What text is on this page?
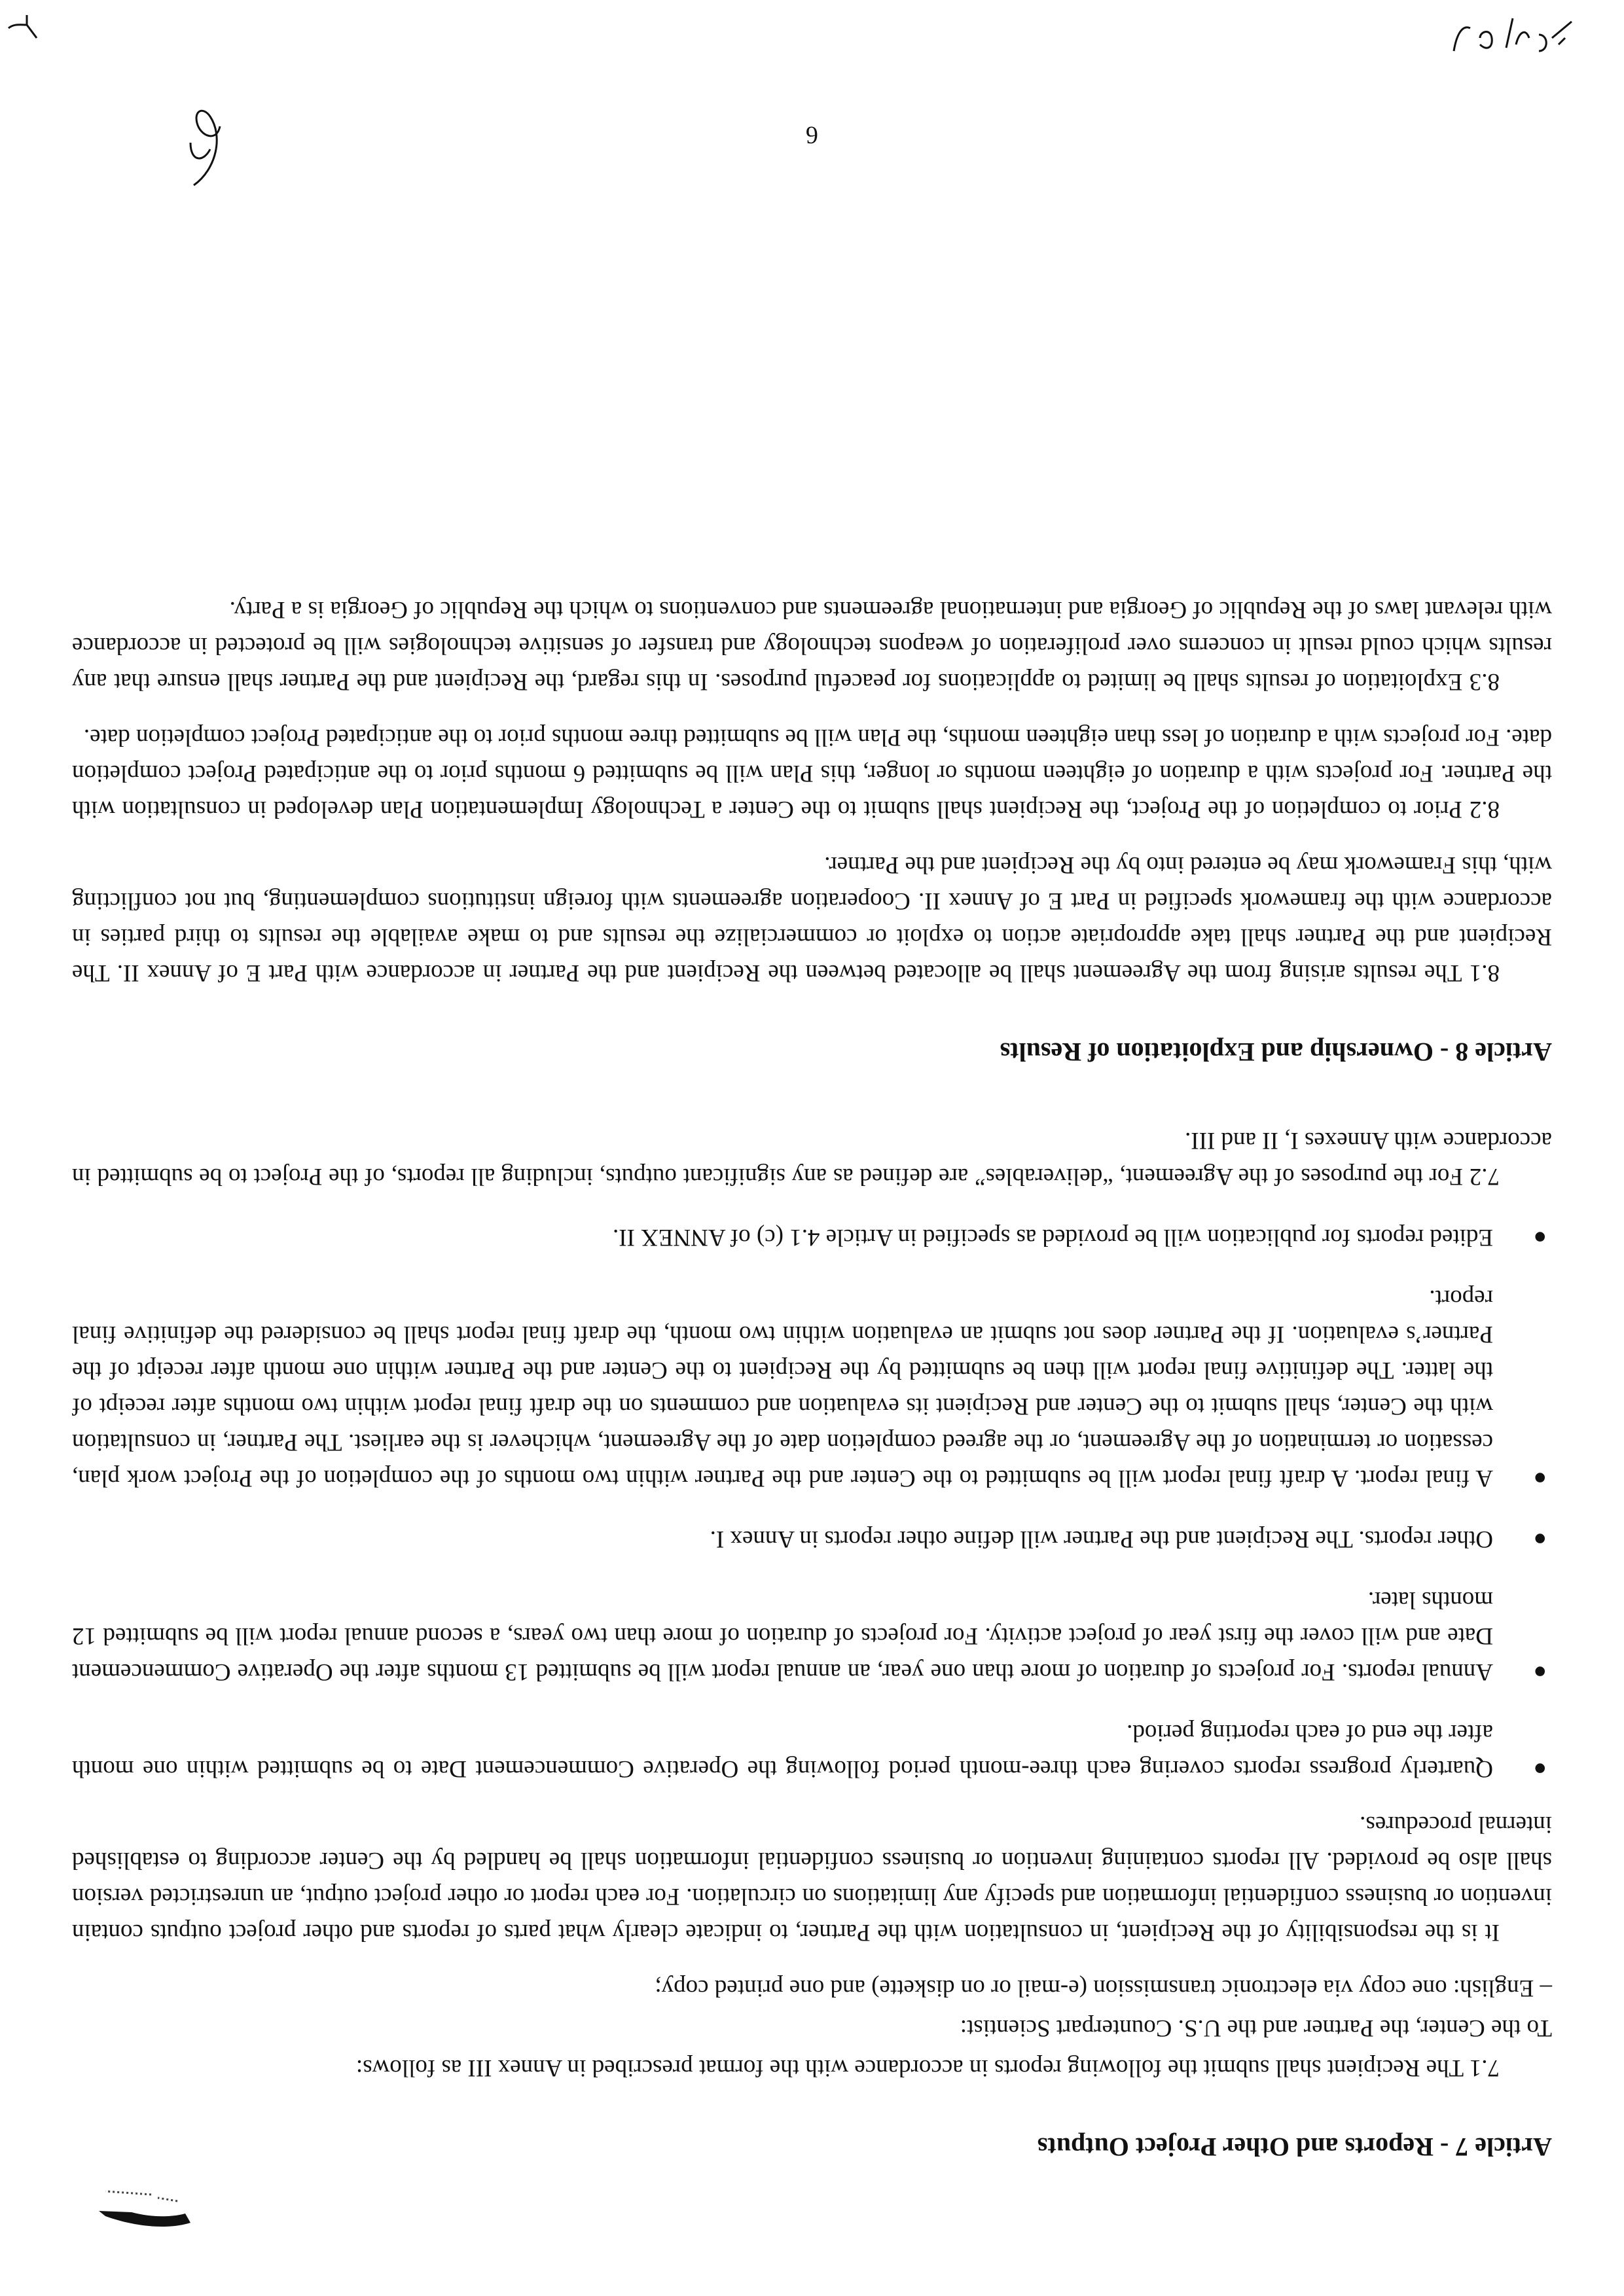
Article 7 - Reports and Other Project Outputs

7.1 The Recipient shall submit the following reports in accordance with the format prescribed in Annex III as follows:

To the Center, the Partner and the U.S. Counterpart Scientist:

– English: one copy via electronic transmission (e-mail or on diskette) and one printed copy;

It is the responsibility of the Recipient, in consultation with the Partner, to indicate clearly what parts of reports and other project outputs contain invention or business confidential information and specify any limitations on circulation. For each report or other project output, an unrestricted version shall also be provided. All reports containing invention or business confidential information shall be handled by the Center according to established internal procedures.

●
Quarterly progress reports covering each three-month period following the Operative Commencement Date to be submitted within one month after the end of each reporting period.
●
Annual reports. For projects of duration of more than one year, an annual report will be submitted 13 months after the Operative Commencement Date and will cover the first year of project activity. For projects of duration of more than two years, a second annual report will be submitted 12 months later.
●
Other reports. The Recipient and the Partner will define other reports in Annex I.
●
A final report. A draft final report will be submitted to the Center and the Partner within two months of the completion of the Project work plan, cessation or termination of the Agreement, or the agreed completion date of the Agreement, whichever is the earliest. The Partner, in consultation with the Center, shall submit to the Center and Recipient its evaluation and comments on the draft final report within two months after receipt of the latter. The definitive final report will then be submitted by the Recipient to the Center and the Partner within one month after receipt of the Partner’s evaluation. If the Partner does not submit an evaluation within two month, the draft final report shall be considered the definitive final report.
●
Edited reports for publication will be provided as specified in Article 4.1 (c) of ANNEX II.

7.2 For the purposes of the Agreement, “deliverables” are defined as any significant outputs, including all reports, of the Project to be submitted in accordance with Annexes I, II and III.

Article 8 - Ownership and Exploitation of Results

8.1 The results arising from the Agreement shall be allocated between the Recipient and the Partner in accordance with Part E of Annex II. The Recipient and the Partner shall take appropriate action to exploit or commercialize the results and to make available the results to third parties in accordance with the framework specified in Part E of Annex II. Cooperation agreements with foreign institutions complementing, but not conflicting with, this Framework may be entered into by the Recipient and the Partner.

8.2 Prior to completion of the Project, the Recipient shall submit to the Center a Technology Implementation Plan developed in consultation with the Partner. For projects with a duration of eighteen months or longer, this Plan will be submitted 6 months prior to the anticipated Project completion date. For projects with a duration of less than eighteen months, the Plan will be submitted three months prior to the anticipated Project completion date.

8.3 Exploitation of results shall be limited to applications for peaceful purposes. In this regard, the Recipient and the Partner shall ensure that any results which could result in concerns over proliferation of weapons technology and transfer of sensitive technologies will be protected in accordance with relevant laws of the Republic of Georgia and international agreements and conventions to which the Republic of Georgia is a Party.

6
